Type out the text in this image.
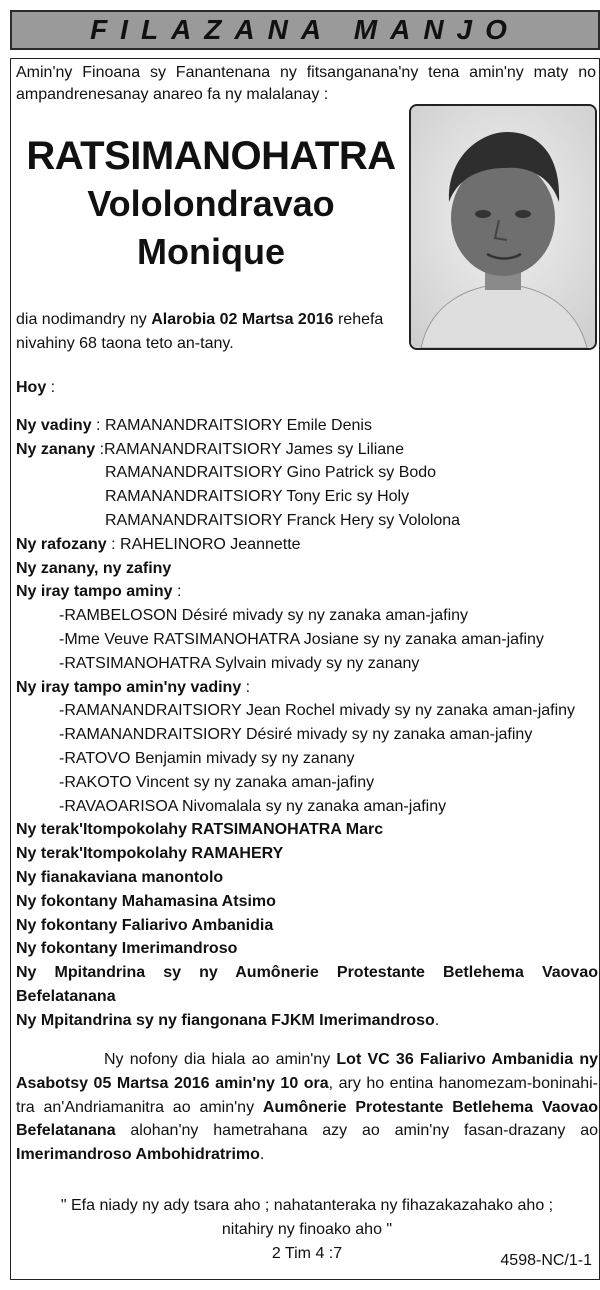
FILAZANA MANJO
Amin'ny Finoana sy Fanantenana ny fitsanganana'ny tena amin'ny maty no ampandrenesanay anareo fa ny malalanay :
RATSIMANOHATRA
Vololondravao
Monique
dia nodimandry ny Alarobia 02 Martsa 2016 rehefa nivahiny 68 taona teto an-tany.
Hoy :
Ny vadiny : RAMANANDRAITSIORY Emile Denis
Ny zanany :RAMANANDRAITSIORY James sy Liliane
RAMANANDRAITSIORY Gino Patrick sy Bodo
RAMANANDRAITSIORY Tony Eric sy Holy
RAMANANDRAITSIORY Franck Hery sy Vololona
Ny rafozany : RAHELINORO Jeannette
Ny zanany, ny zafiny
Ny iray tampo aminy :
-RAMBELOSON Désiré mivady sy ny zanaka aman-jafiny
-Mme Veuve RATSIMANOHATRA Josiane sy ny zanaka aman-jafiny
-RATSIMANOHATRA Sylvain mivady sy ny zanany
Ny iray tampo amin'ny vadiny :
-RAMANANDRAITSIORY Jean Rochel mivady sy ny zanaka aman-jafiny
-RAMANANDRAITSIORY Désiré mivady sy ny zanaka aman-jafiny
-RATOVO Benjamin mivady sy ny zanany
-RAKOTO Vincent sy ny zanaka aman-jafiny
-RAVAOARISOA Nivomalala sy ny zanaka aman-jafiny
Ny terak'Itompokolahy RATSIMANOHATRA Marc
Ny terak'Itompokolahy RAMAHERY
Ny fianakaviana manontolo
Ny fokontany Mahamasina Atsimo
Ny fokontany Faliarivo Ambanidia
Ny fokontany Imerimandroso
Ny Mpitandrina sy ny Aumônerie Protestante Betlehema Vaovao
Befelatanana
Ny Mpitandrina sy ny fiangonana FJKM Imerimandroso.
Ny nofony dia hiala ao amin'ny Lot VC 36 Faliarivo Ambanidia ny
Asabotsy 05 Martsa 2016 amin'ny 10 ora, ary ho entina hanomezam-boninahi-
tra an'Andriamanitra ao amin'ny Aumônerie Protestante Betlehema Vaovao
Befelatanana alohan'ny hametrahana azy ao amin'ny fasan-drazany ao
Imerimandroso Ambohidratrimo.
" Efa niady ny ady tsara aho ; nahatanteraka ny fihazakazahako aho ;
nitahiry ny finoako aho "
2 Tim 4 :7	4598-NC/1-1
